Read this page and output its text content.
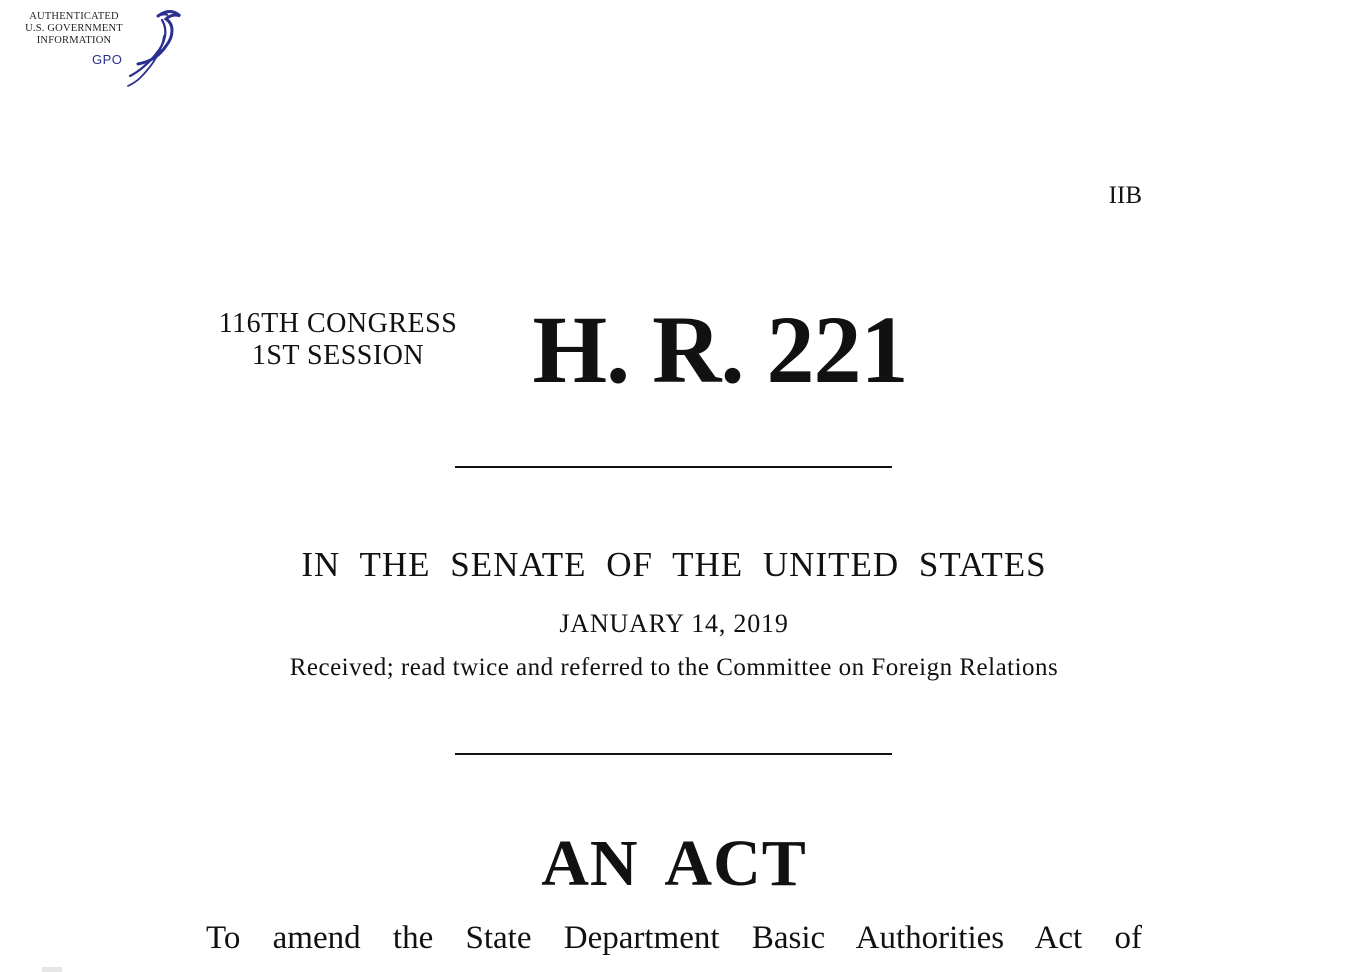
AUTHENTICATED
U.S. GOVERNMENT
INFORMATION
GPO
IIB
116TH CONGRESS
1ST SESSION	H. R. 221
IN THE SENATE OF THE UNITED STATES
JANUARY 14, 2019
Received; read twice and referred to the Committee on Foreign Relations
AN ACT
To amend the State Department Basic Authorities Act of
